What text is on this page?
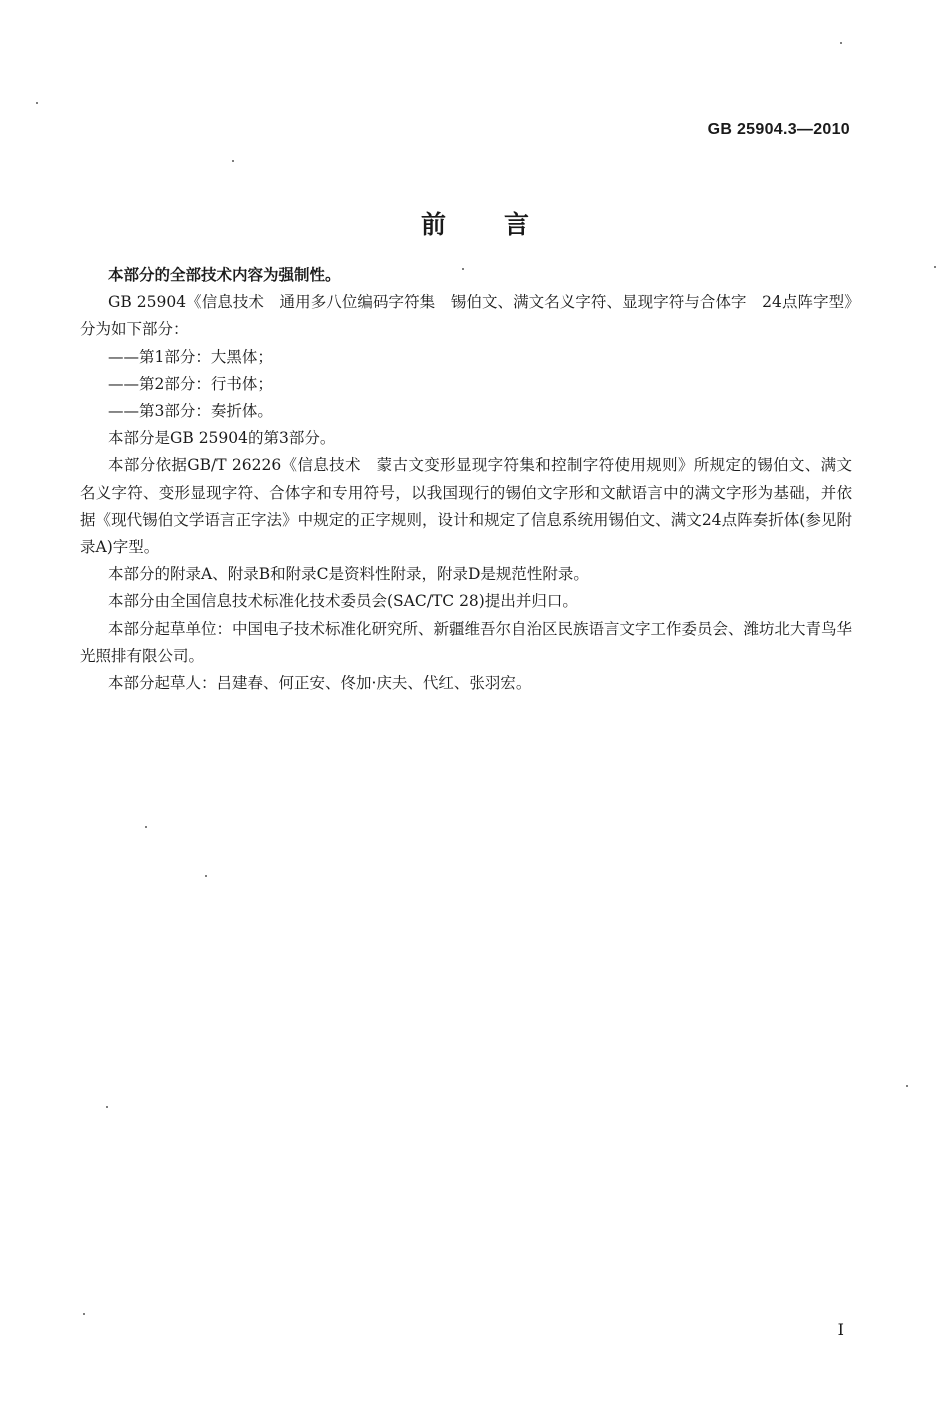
GB 25904.3—2010
前言

本部分的全部技术内容为强制性。

GB 25904《信息技术　通用多八位编码字符集　锡伯文、满文名义字符、显现字符与合体字　24点阵字型》分为如下部分：

——第1部分：大黑体；

——第2部分：行书体；

——第3部分：奏折体。

本部分是GB 25904的第3部分。

本部分依据GB/T 26226《信息技术　蒙古文变形显现字符集和控制字符使用规则》所规定的锡伯文、满文名义字符、变形显现字符、合体字和专用符号，以我国现行的锡伯文字形和文献语言中的满文字形为基础，并依据《现代锡伯文学语言正字法》中规定的正字规则，设计和规定了信息系统用锡伯文、满文24点阵奏折体(参见附录A)字型。

本部分的附录A、附录B和附录C是资料性附录，附录D是规范性附录。

本部分由全国信息技术标准化技术委员会(SAC/TC 28)提出并归口。

本部分起草单位：中国电子技术标准化研究所、新疆维吾尔自治区民族语言文字工作委员会、潍坊北大青鸟华光照排有限公司。

本部分起草人：吕建春、何正安、佟加·庆夫、代红、张羽宏。

I
